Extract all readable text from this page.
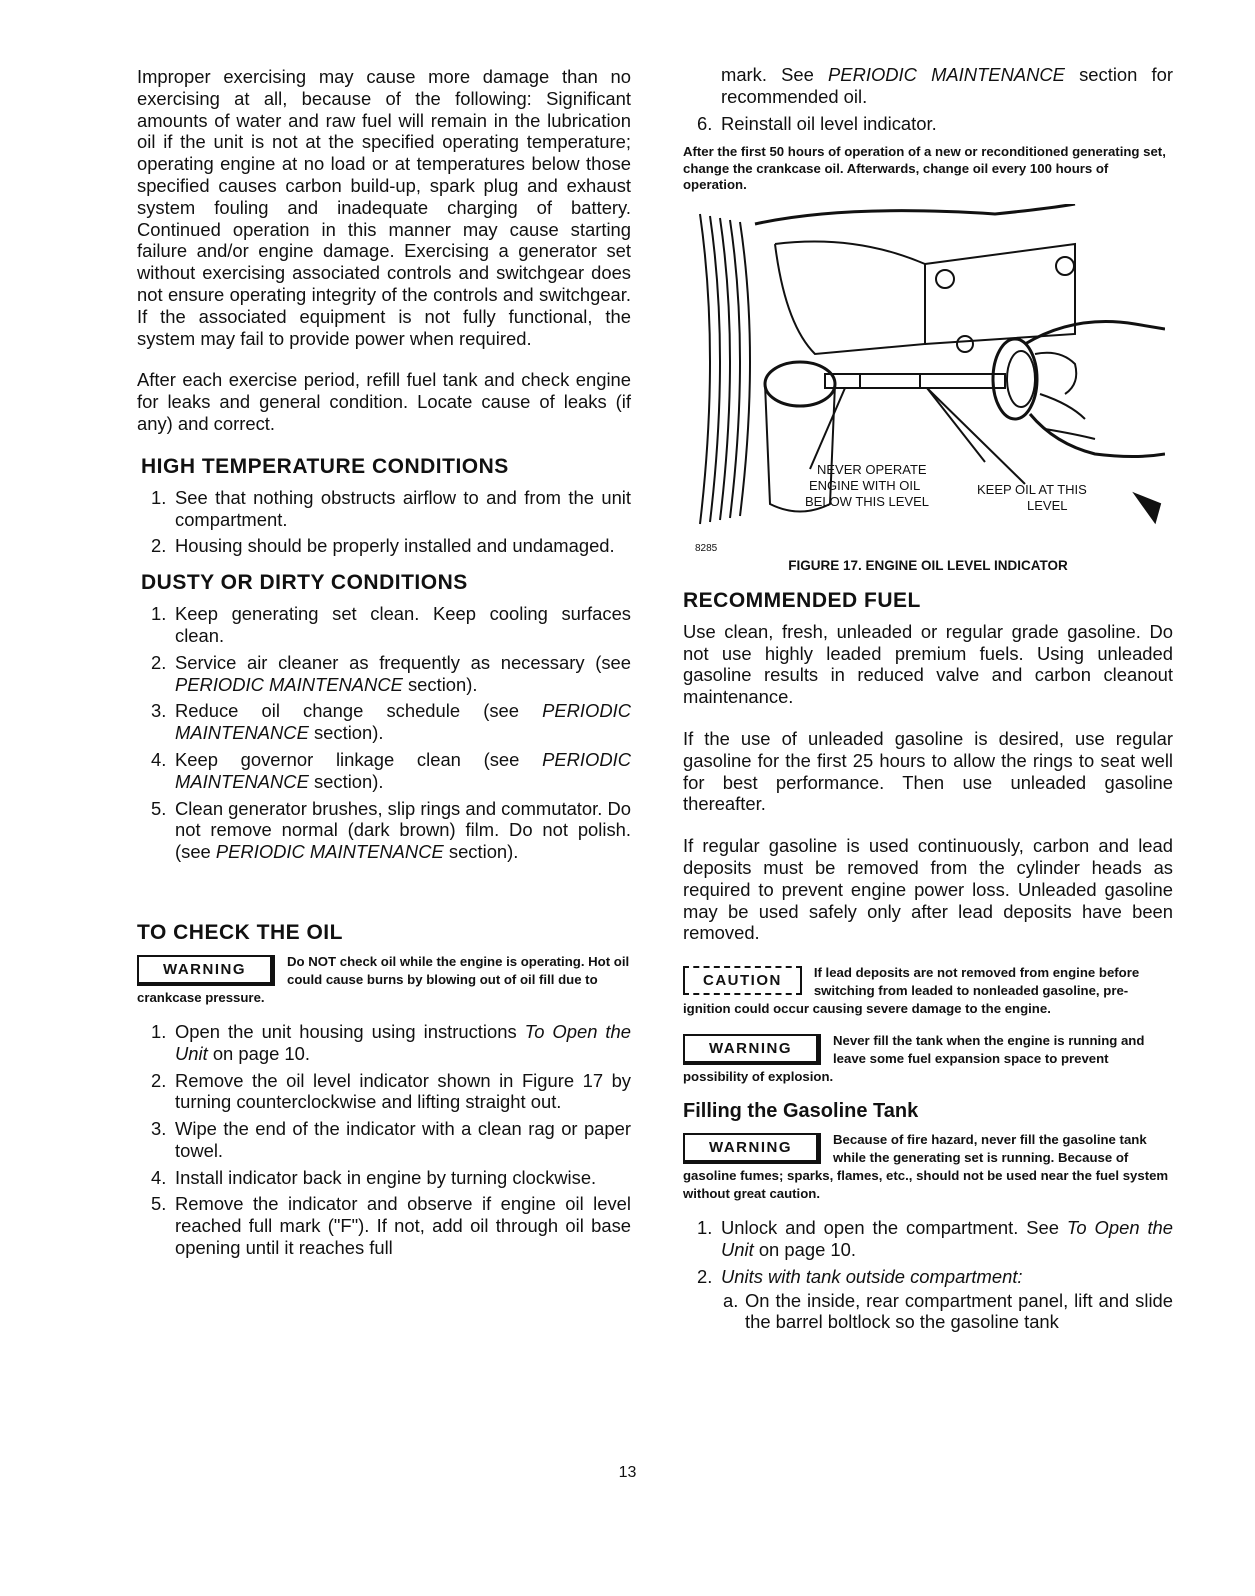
Improper exercising may cause more damage than no exercising at all, because of the following: Significant amounts of water and raw fuel will remain in the lubrication oil if the unit is not at the specified operating temperature; operating engine at no load or at temperatures below those specified causes carbon build-up, spark plug and exhaust system fouling and inadequate charging of battery. Continued operation in this manner may cause starting failure and/or engine damage. Exercising a generator set without exercising associated controls and switchgear does not ensure operating integrity of the controls and switchgear. If the associated equipment is not fully functional, the system may fail to provide power when required.

After each exercise period, refill fuel tank and check engine for leaks and general condition. Locate cause of leaks (if any) and correct.

HIGH TEMPERATURE CONDITIONS
1. See that nothing obstructs airflow to and from the unit compartment.
2. Housing should be properly installed and undamaged.
DUSTY OR DIRTY CONDITIONS
1. Keep generating set clean. Keep cooling surfaces clean.
2. Service air cleaner as frequently as necessary (see PERIODIC MAINTENANCE section).
3. Reduce oil change schedule (see PERIODIC MAINTENANCE section).
4. Keep governor linkage clean (see PERIODIC MAINTENANCE section).
5. Clean generator brushes, slip rings and commutator. Do not remove normal (dark brown) film. Do not polish. (see PERIODIC MAINTENANCE section).
TO CHECK THE OIL
WARNING	Do NOT check oil while the engine is operating. Hot oil could cause burns by blowing out of oil fill due to crankcase pressure.
1. Open the unit housing using instructions To Open the Unit on page 10.
2. Remove the oil level indicator shown in Figure 17 by turning counterclockwise and lifting straight out.
3. Wipe the end of the indicator with a clean rag or paper towel.
4. Install indicator back in engine by turning clockwise.
5. Remove the indicator and observe if engine oil level reached full mark ("F"). If not, add oil through oil base opening until it reaches full
mark. See PERIODIC MAINTENANCE section for recommended oil.
6. Reinstall oil level indicator.

After the first 50 hours of operation of a new or reconditioned generating set, change the crankcase oil. Afterwards, change oil every 100 hours of operation.

NEVER OPERATE
ENGINE WITH OIL
BELOW THIS LEVEL
KEEP OIL AT THIS
LEVEL
8285
FIGURE 17. ENGINE OIL LEVEL INDICATOR
RECOMMENDED FUEL

Use clean, fresh, unleaded or regular grade gasoline. Do not use highly leaded premium fuels. Using unleaded gasoline results in reduced valve and carbon cleanout maintenance.

If the use of unleaded gasoline is desired, use regular gasoline for the first 25 hours to allow the rings to seat well for best performance. Then use unleaded gasoline thereafter.

If regular gasoline is used continuously, carbon and lead deposits must be removed from the cylinder heads as required to prevent engine power loss. Unleaded gasoline may be used safely only after lead deposits have been removed.

CAUTION	If lead deposits are not removed from engine before switching from leaded to nonleaded gasoline, pre-ignition could occur causing severe damage to the engine.
WARNING	Never fill the tank when the engine is running and leave some fuel expansion space to prevent possibility of explosion.
Filling the Gasoline Tank
WARNING	Because of fire hazard, never fill the gasoline tank while the generating set is running. Because of gasoline fumes; sparks, flames, etc., should not be used near the fuel system without great caution.
1. Unlock and open the compartment. See To Open the Unit on page 10.
2. Units with tank outside compartment:
a. On the inside, rear compartment panel, lift and slide the barrel boltlock so the gasoline tank
13
